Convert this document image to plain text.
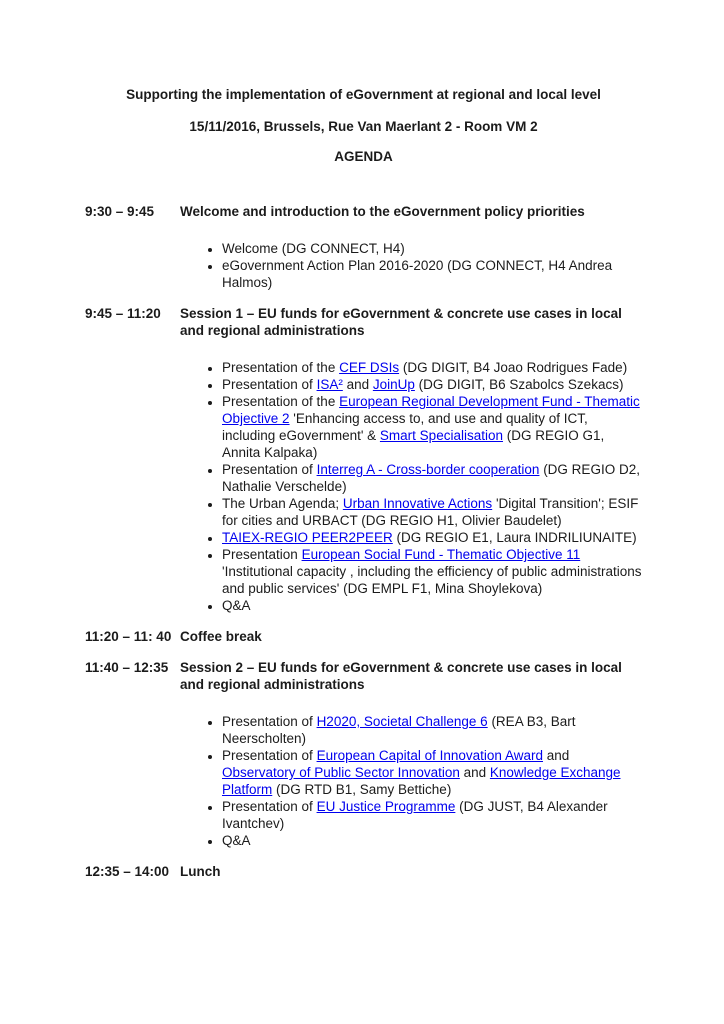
Supporting the implementation of eGovernment at regional and local level
15/11/2016, Brussels, Rue Van Maerlant 2 - Room VM 2
AGENDA
9:30 – 9:45	Welcome and introduction to the eGovernment policy priorities
• Welcome (DG CONNECT, H4)
• eGovernment Action Plan 2016-2020 (DG CONNECT, H4 Andrea Halmos)
9:45 – 11:20	Session 1 – EU funds for eGovernment & concrete use cases in local and regional administrations
• Presentation of the CEF DSIs (DG DIGIT, B4 Joao Rodrigues Fade)
• Presentation of ISA² and JoinUp (DG DIGIT, B6 Szabolcs Szekacs)
• Presentation of the European Regional Development Fund - Thematic Objective 2 'Enhancing access to, and use and quality of ICT, including eGovernment' & Smart Specialisation (DG REGIO G1, Annita Kalpaka)
• Presentation of Interreg A - Cross-border cooperation (DG REGIO D2, Nathalie Verschelde)
• The Urban Agenda; Urban Innovative Actions 'Digital Transition'; ESIF for cities and URBACT (DG REGIO H1, Olivier Baudelet)
• TAIEX-REGIO PEER2PEER (DG REGIO E1, Laura INDRILIUNAITE)
• Presentation European Social Fund - Thematic Objective 11 'Institutional capacity , including the efficiency of public administrations and public services' (DG EMPL F1, Mina Shoylekova)
• Q&A
11:20 – 11: 40 Coffee break
11:40 – 12:35 Session 2 – EU funds for eGovernment & concrete use cases in local and regional administrations
• Presentation of H2020, Societal Challenge 6 (REA B3, Bart Neerscholten)
• Presentation of European Capital of Innovation Award and Observatory of Public Sector Innovation and Knowledge Exchange Platform (DG RTD B1, Samy Bettiche)
• Presentation of EU Justice Programme (DG JUST, B4 Alexander Ivantchev)
• Q&A
12:35 – 14:00 Lunch
